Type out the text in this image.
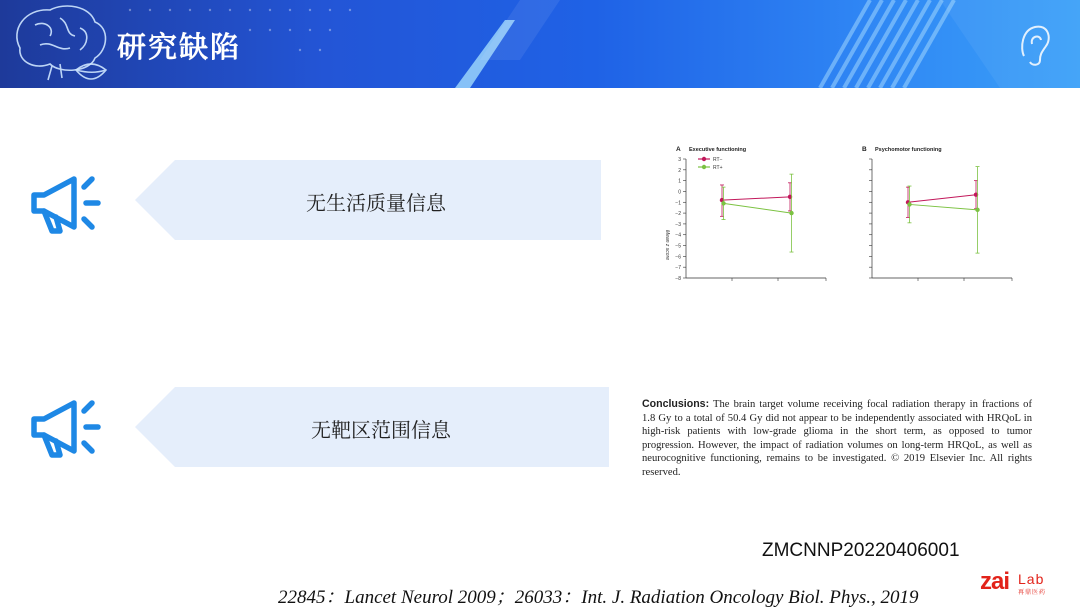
研究缺陷
无生活质量信息
无靶区范围信息
A Executive functioning	B Psychomotor functioning
Mean z score
RT−
RT+
3
2
1
0
−1
−2
−3
−4
−5
−6
−7
−8
Conclusions: The brain target volume receiving focal radiation therapy in fractions of 1.8 Gy to a total of 50.4 Gy did not appear to be independently associated with HRQoL in high-risk patients with low-grade glioma in the short term, as opposed to tumor progression. However, the impact of radiation volumes on long-term HRQoL, as well as neurocognitive functioning, remains to be investigated. © 2019 Elsevier Inc. All rights reserved.
ZMCNNP20220406001
22845：Lancet Neurol 2009；26033：Int. J. Radiation Oncology Biol. Phys., 2019
zai Lab
再鼎医药
